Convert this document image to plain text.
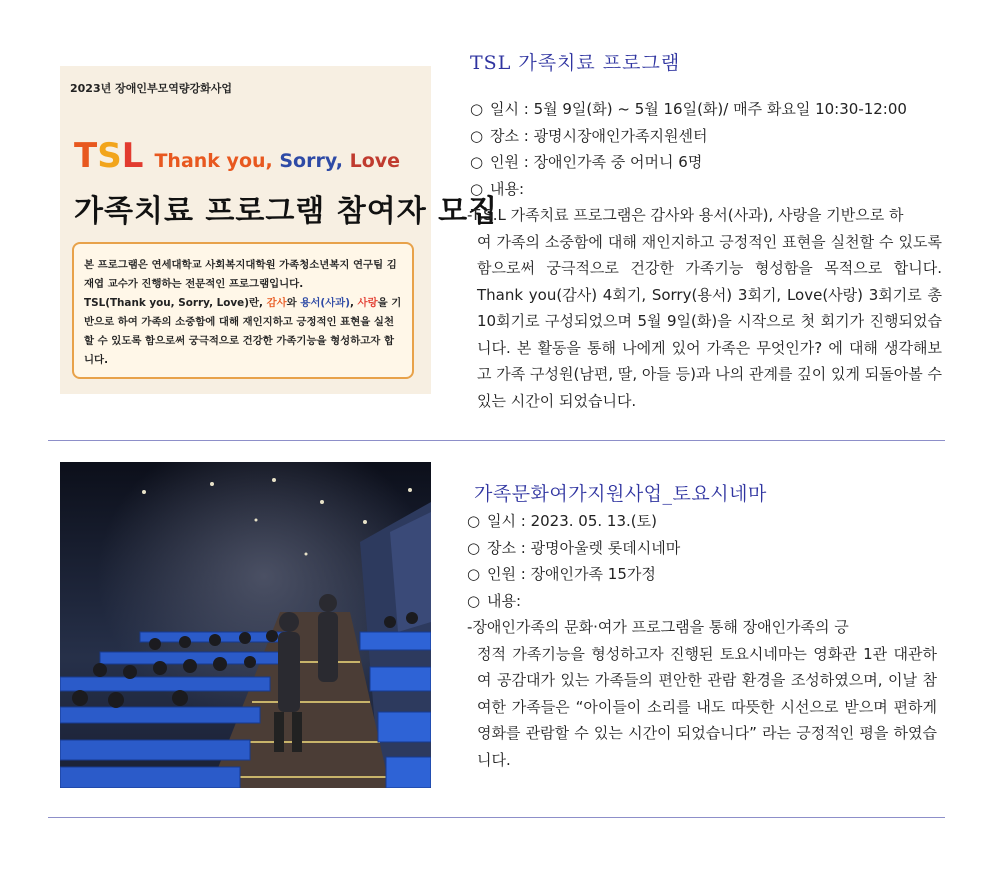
2023년 장애인부모역량강화사업
TSL Thank you, Sorry, Love
가족치료 프로그램 참여자 모집
본 프로그램은 연세대학교 사회복지대학원 가족청소년복지 연구팀 김재엽 교수가 진행하는 전문적인 프로그램입니다.
TSL(Thank you, Sorry, Love)란, 감사와 용서(사과), 사랑을 기반으로 하여 가족의 소중함에 대해 재인지하고 긍정적인 표현을 실천할 수 있도록 함으로써 궁극적으로 건강한 가족기능을 형성하고자 합니다.
TSL 가족치료 프로그램
○ 일시 : 5월 9일(화) ~ 5월 16일(화)/ 매주 화요일 10:30-12:00
○ 장소 : 광명시장애인가족지원센터
○ 인원 : 장애인가족 중 어머니 6명
○ 내용:
-T.S.L 가족치료 프로그램은 감사와 용서(사과), 사랑을 기반으로 하
여 가족의 소중함에 대해 재인지하고 긍정적인 표현을 실천할 수 있도록 함으로써 궁극적으로 건강한 가족기능 형성함을 목적으로 합니다. Thank you(감사) 4회기, Sorry(용서) 3회기, Love(사랑) 3회기로 총 10회기로 구성되었으며 5월 9일(화)을 시작으로 첫 회기가 진행되었습니다. 본 활동을 통해 나에게 있어 가족은 무엇인가? 에 대해 생각해보고 가족 구성원(남편, 딸, 아들 등)과 나의 관계를 깊이 있게 되돌아볼 수 있는 시간이 되었습니다.
가족문화여가지원사업_토요시네마
○ 일시 : 2023. 05. 13.(토)
○ 장소 : 광명아울렛 롯데시네마
○ 인원 : 장애인가족 15가정
○ 내용:
-장애인가족의 문화·여가 프로그램을 통해 장애인가족의 긍
정적 가족기능을 형성하고자 진행된 토요시네마는 영화관 1관 대관하여 공감대가 있는 가족들의 편안한 관람 환경을 조성하였으며, 이날 참여한 가족들은 “아이들이 소리를 내도 따뜻한 시선으로 받으며 편하게 영화를 관람할 수 있는 시간이 되었습니다” 라는 긍정적인 평을 하였습니다.
